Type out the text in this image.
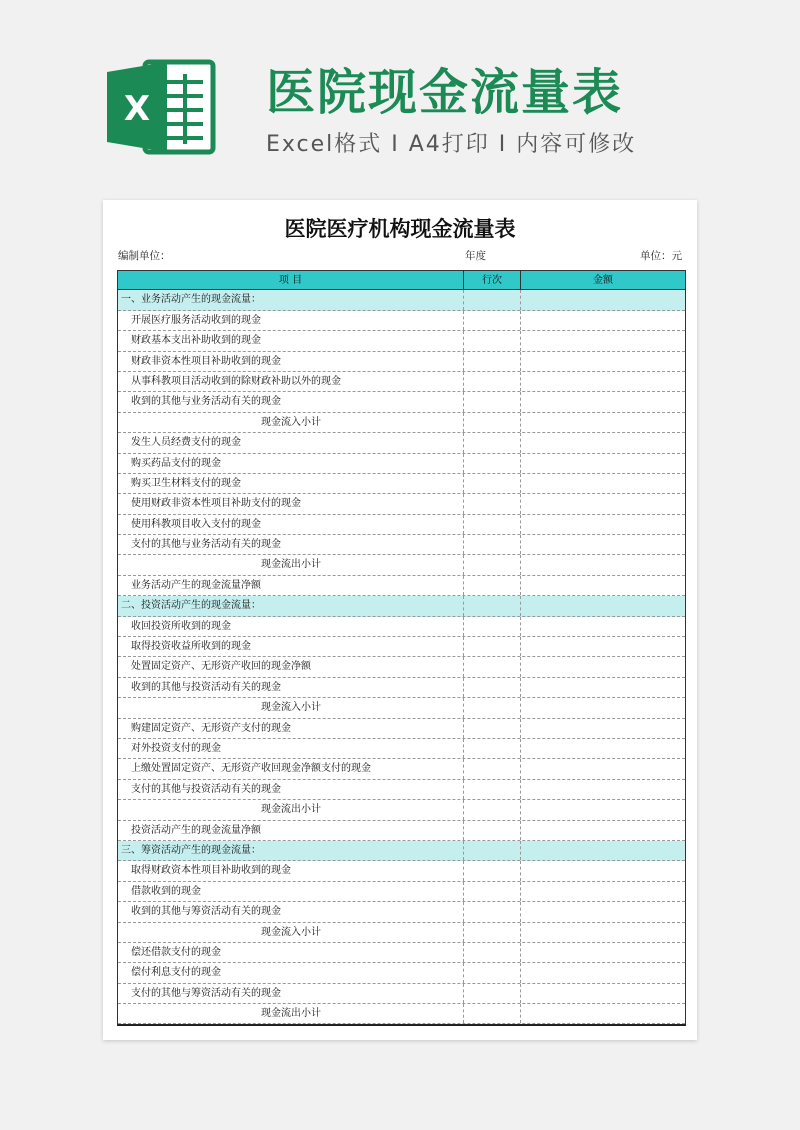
X 医院现金流量表
Excel格式 I A4打印 I 内容可修改
医院医疗机构现金流量表
编制单位：	年度	单位：元
项 目	行次	金额
一、业务活动产生的现金流量：
开展医疗服务活动收到的现金
财政基本支出补助收到的现金
财政非资本性项目补助收到的现金
从事科教项目活动收到的除财政补助以外的现金
收到的其他与业务活动有关的现金
现金流入小计
发生人员经费支付的现金
购买药品支付的现金
购买卫生材料支付的现金
使用财政非资本性项目补助支付的现金
使用科教项目收入支付的现金
支付的其他与业务活动有关的现金
现金流出小计
业务活动产生的现金流量净额
二、投资活动产生的现金流量：
收回投资所收到的现金
取得投资收益所收到的现金
处置固定资产、无形资产收回的现金净额
收到的其他与投资活动有关的现金
现金流入小计
购建固定资产、无形资产支付的现金
对外投资支付的现金
上缴处置固定资产、无形资产收回现金净额支付的现金
支付的其他与投资活动有关的现金
现金流出小计
投资活动产生的现金流量净额
三、筹资活动产生的现金流量：
取得财政资本性项目补助收到的现金
借款收到的现金
收到的其他与筹资活动有关的现金
现金流入小计
偿还借款支付的现金
偿付利息支付的现金
支付的其他与筹资活动有关的现金
现金流出小计
